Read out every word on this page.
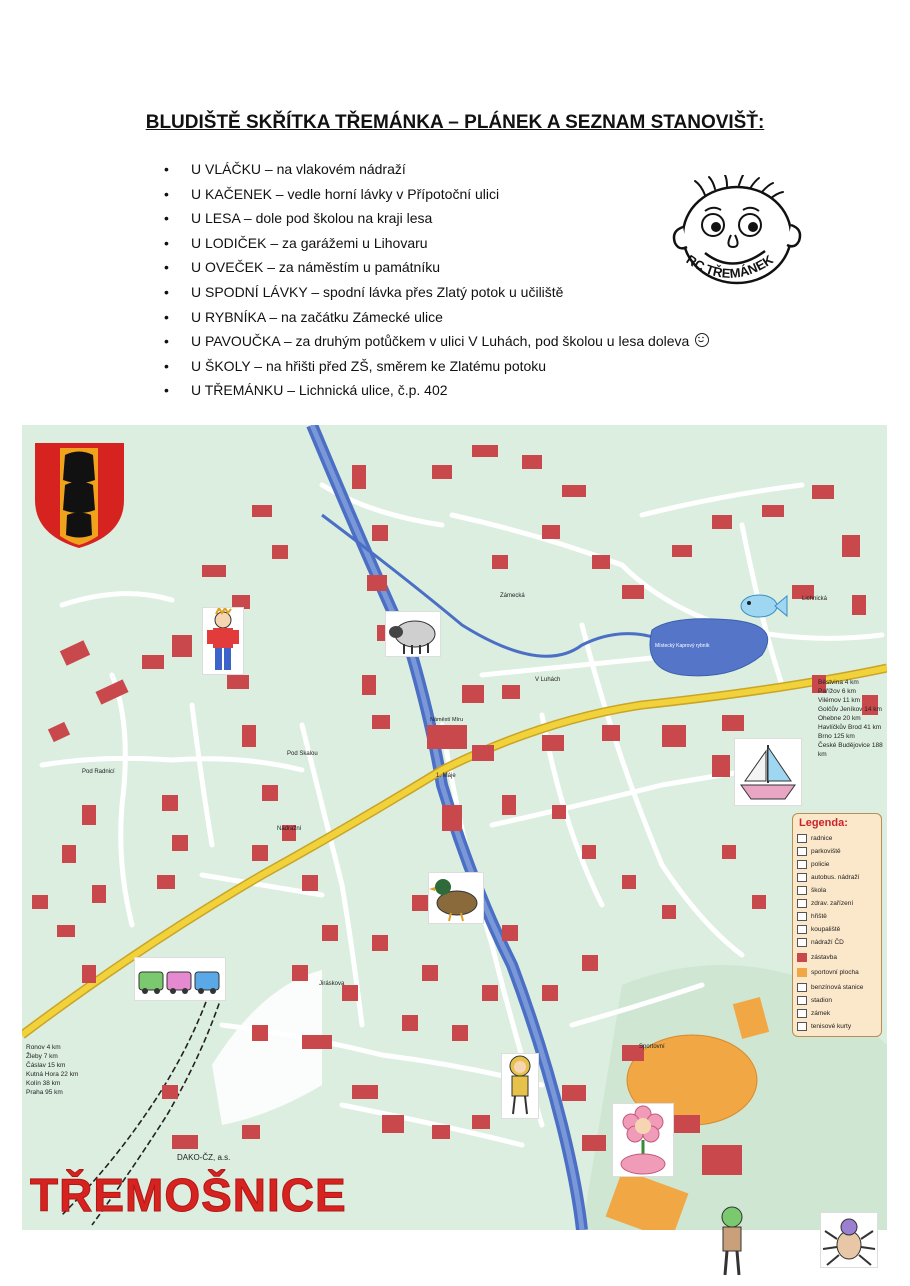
BLUDIŠTĚ SKŘÍTKA TŘEMÁNKA – PLÁNEK A SEZNAM STANOVIŠŤ:
• U VLÁČKU – na vlakovém nádraží
• U KAČENEK – vedle horní lávky v Přípotoční ulici
• U LESA – dole pod školou na kraji lesa
• U LODIČEK – za garážemi u Lihovaru
• U OVEČEK – za náměstím u památníku
• U SPODNÍ LÁVKY – spodní lávka přes Zlatý potok u učiliště
• U RYBNÍKA – na začátku Zámecké ulice
• U PAVOUČKA – za druhým potůčkem v ulici V Luhách, pod školou u lesa doleva
• U ŠKOLY – na hřišti před ZŠ, směrem ke Zlatému potoku
• U TŘEMÁNKU – Lichnická ulice, č.p. 402
RC TŘEMÁNEK
DAKO-ČZ, a.s.
Místecký Kaprový rybník
Náměstí Míru
Pod Radnicí
Pod Skalou
Zámecká
V Luhách
Jiráskova
Lichnická
1. Máje
Nádražní
Sportovní
Běstvina 4 km
Pařížov 6 km
Vilémov 11 km
Golčův Jeníkov 14 km
Ohebne 20 km
Havlíčkův Brod 41 km
Brno 125 km
České Budějovice 188 km
Ronov 4 km
Žleby 7 km
Čáslav 15 km
Kutná Hora 22 km
Kolín 38 km
Praha 95 km
Legenda:
radnice
parkoviště
policie
autobus. nádraží
škola
zdrav. zařízení
hřiště
koupaliště
nádraží ČD
zástavba
sportovní plocha
benzínová stanice
stadion
zámek
tenisové kurty
TŘEMOŠNICE
